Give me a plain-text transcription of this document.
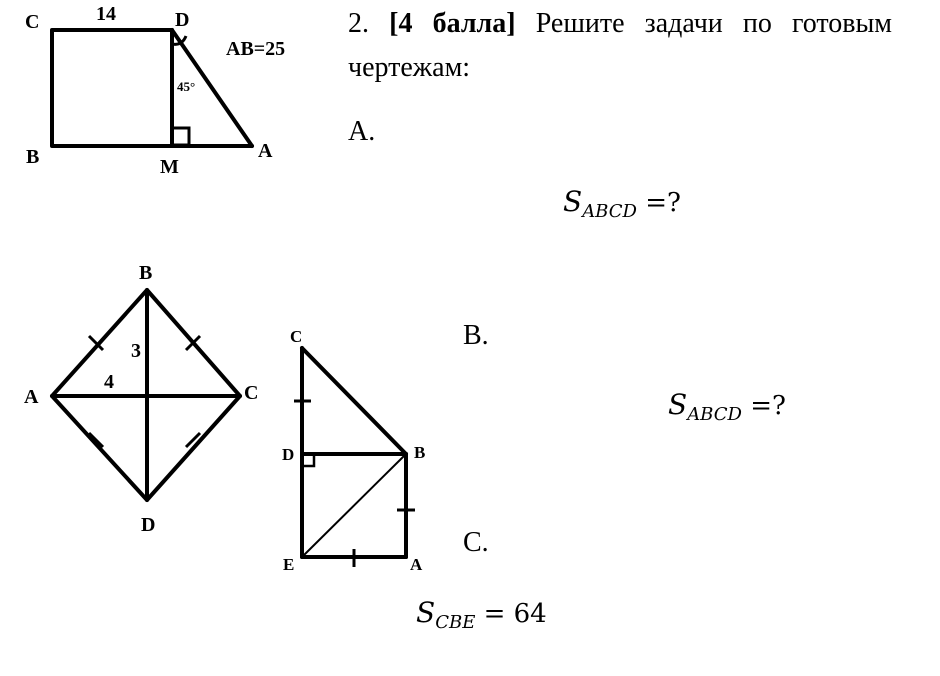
C	14	D
AB=25
45°
B	M
A
SABCD =?
B
A	C
D
3
4
SABCD =?
C
D	B
E	A
SCBE = 64
2. [4 балла] Решите задачи по готовым чертежам:
A.
B.
C.
